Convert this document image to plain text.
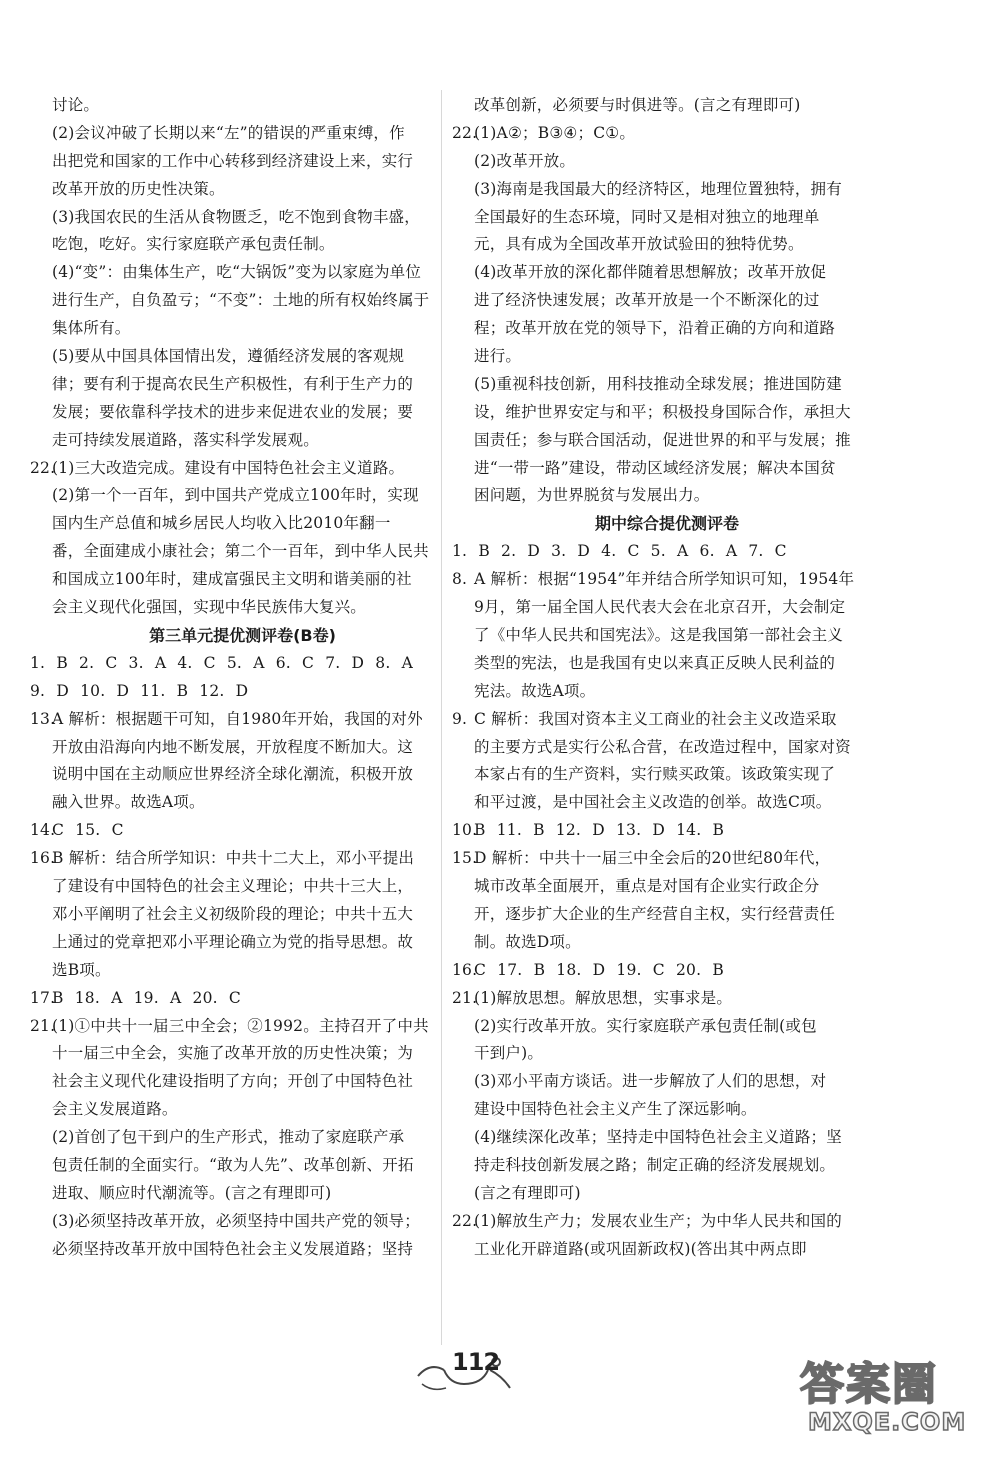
讨论。
(2)会议冲破了长期以来“左”的错误的严重束缚，作
出把党和国家的工作中心转移到经济建设上来，实行
改革开放的历史性决策。
(3)我国农民的生活从食物匮乏，吃不饱到食物丰盛，
吃饱，吃好。实行家庭联产承包责任制。
(4)“变”：由集体生产，吃“大锅饭”变为以家庭为单位
进行生产，自负盈亏；“不变”：土地的所有权始终属于
集体所有。
(5)要从中国具体国情出发，遵循经济发展的客观规
律；要有利于提高农民生产积极性，有利于生产力的
发展；要依靠科学技术的进步来促进农业的发展；要
走可持续发展道路，落实科学发展观。
22.(1)三大改造完成。建设有中国特色社会主义道路。
(2)第一个一百年，到中国共产党成立100年时，实现
国内生产总值和城乡居民人均收入比2010年翻一
番，全面建成小康社会；第二个一百年，到中华人民共
和国成立100年时，建成富强民主文明和谐美丽的社
会主义现代化强国，实现中华民族伟大复兴。
第三单元提优测评卷(B卷)
1. B 2. C 3. A 4. C 5. A 6. C 7. D 8. A
9. D 10. D 11. B 12. D
13.A 解析：根据题干可知，自1980年开始，我国的对外
开放由沿海向内地不断发展，开放程度不断加大。这
说明中国在主动顺应世界经济全球化潮流，积极开放
融入世界。故选A项。
14.C 15. C
16.B 解析：结合所学知识：中共十二大上，邓小平提出
了建设有中国特色的社会主义理论；中共十三大上，
邓小平阐明了社会主义初级阶段的理论；中共十五大
上通过的党章把邓小平理论确立为党的指导思想。故
选B项。
17.B 18. A 19. A 20. C
21.(1)①中共十一届三中全会；②1992。主持召开了中共
十一届三中全会，实施了改革开放的历史性决策；为
社会主义现代化建设指明了方向；开创了中国特色社
会主义发展道路。
(2)首创了包干到户的生产形式，推动了家庭联产承
包责任制的全面实行。“敢为人先”、改革创新、开拓
进取、顺应时代潮流等。(言之有理即可)
(3)必须坚持改革开放，必须坚持中国共产党的领导；
必须坚持改革开放中国特色社会主义发展道路；坚持
改革创新，必须要与时俱进等。(言之有理即可)
22.(1)A②；B③④；C①。
(2)改革开放。
(3)海南是我国最大的经济特区，地理位置独特，拥有
全国最好的生态环境，同时又是相对独立的地理单
元，具有成为全国改革开放试验田的独特优势。
(4)改革开放的深化都伴随着思想解放；改革开放促
进了经济快速发展；改革开放是一个不断深化的过
程；改革开放在党的领导下，沿着正确的方向和道路
进行。
(5)重视科技创新，用科技推动全球发展；推进国防建
设，维护世界安定与和平；积极投身国际合作，承担大
国责任；参与联合国活动，促进世界的和平与发展；推
进“一带一路”建设，带动区域经济发展；解决本国贫
困问题，为世界脱贫与发展出力。
期中综合提优测评卷
1. B 2. D 3. D 4. C 5. A 6. A 7. C
8. A 解析：根据“1954”年并结合所学知识可知，1954年
9月，第一届全国人民代表大会在北京召开，大会制定
了《中华人民共和国宪法》。这是我国第一部社会主义
类型的宪法，也是我国有史以来真正反映人民利益的
宪法。故选A项。
9. C 解析：我国对资本主义工商业的社会主义改造采取
的主要方式是实行公私合营，在改造过程中，国家对资
本家占有的生产资料，实行赎买政策。该政策实现了
和平过渡，是中国社会主义改造的创举。故选C项。
10.B 11. B 12. D 13. D 14. B
15.D 解析：中共十一届三中全会后的20世纪80年代，
城市改革全面展开，重点是对国有企业实行政企分
开，逐步扩大企业的生产经营自主权，实行经营责任
制。故选D项。
16.C 17. B 18. D 19. C 20. B
21.(1)解放思想。解放思想，实事求是。
(2)实行改革开放。实行家庭联产承包责任制(或包
干到户)。
(3)邓小平南方谈话。进一步解放了人们的思想，对
建设中国特色社会主义产生了深远影响。
(4)继续深化改革；坚持走中国特色社会主义道路；坚
持走科技创新发展之路；制定正确的经济发展规划。
(言之有理即可)
22.(1)解放生产力；发展农业生产；为中华人民共和国的
工业化开辟道路(或巩固新政权)(答出其中两点即
112	答案圈
MXQE.COM
